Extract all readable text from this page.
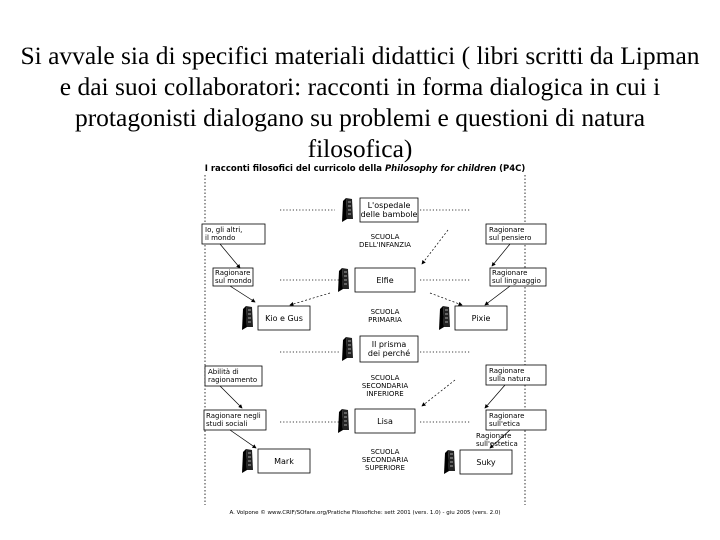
Si avvale sia di specifici materiali didattici ( libri scritti da Lipman e dai suoi collaboratori: racconti in forma dialogica in cui i protagonisti dialogano su problemi e questioni di natura filosofica)
I racconti filosofici del curricolo della Philosophy for children (P4C)
L'ospedale
delle bambole
Elfie
Kio e Gus	Pixie
Il prisma
dei perché
Lisa
Mark	Suky
SCUOLA
DELL'INFANZIA
SCUOLA
PRIMARIA
SCUOLA
SECONDARIA
INFERIORE
SCUOLA
SECONDARIA
SUPERIORE
Io, gli altri,
il mondo
Ragionare
sul mondo
Abilità di
ragionamento
Ragionare negli
studi sociali
Ragionare
sul pensiero
Ragionare
sul linguaggio
Ragionare
sulla natura
Ragionare
sull'etica
Ragionare
sull'estetica
A. Volpone © www.CRIF/SOfare.org/Pratiche Filosofiche: sett 2001 (vers. 1.0) - giu 2005 (vers. 2.0)
